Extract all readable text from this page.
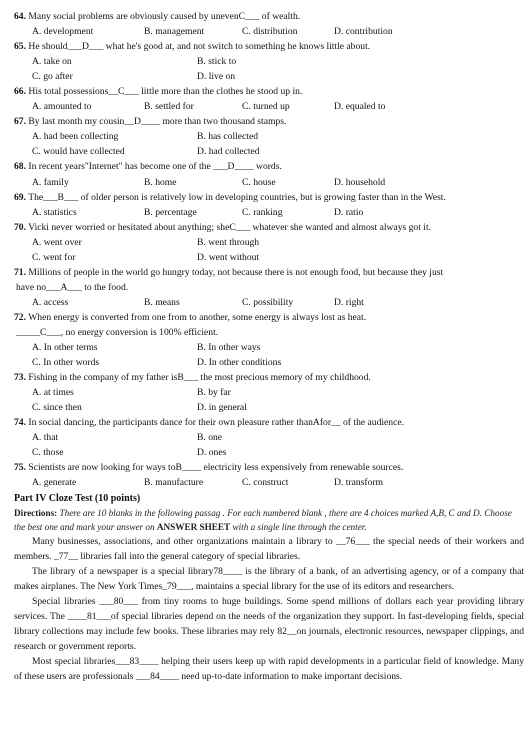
64. Many social problems are obviously caused by unevenC___ of wealth.
A. development	B. management	C. distribution	D. contribution
65. He should___D___ what he's good at, and not switch to something he knows little about.
A. take on	B. stick to
C. go after	D. live on
66. His total possessions__C___ little more than the clothes he stood up in.
A. amounted to	B. settled for	C. turned up	D. equaled to
67. By last month my cousin__D____ more than two thousand stamps.
A. had been collecting	B. has collected
C. would have collected	D. had collected
68. In recent years"Internet" has become one of the ___D____ words.
A. family	B. home	C. house	D. household
69. The___B___ of older person is relatively low in developing countries, but is growing faster than in the West.
A. statistics	B. percentage	C. ranking	D. ratio
70. Vicki never worried or hesitated about anything; sheC___ whatever she wanted and almost always got it.
A. went over	B. went through
C. went for	D. went without
71. Millions of people in the world go hungry today, not because there is not enough food, but because they just
have no___A___ to the food.
A. access	B. means	C. possibility	D. right
72. When energy is converted from one from to another, some energy is always lost as heat.
_____C___, no energy conversion is 100% efficient.
A. In other terms	B. In other ways
C. In other words	D. In other conditions
73. Fishing in the company of my father isB___ the most precious memory of my childhood.
A. at times	B. by far
C. since then	D. in general
74. In social dancing, the participants dance for their own pleasure rather thanAfor__ of the audience.
A. that	B. one
C. those	D. ones
75. Scientists are now looking for ways toB____ electricity less expensively from renewable sources.
A. generate	B. manufacture	C. construct	D. transform
Part IV Cloze Test (10 points)
Directions: There are 10 blanks in the following passag . For each numbered blank , there are 4 choices marked A,B, C and D. Choose the best one and mark your answer on ANSWER SHEET with a single line through the center.
Many businesses, associations, and other organizations maintain a library to __76___ the special needs of their workers and members. _77__ libraries fall into the general category of special libraries.
The library of a newspaper is a special library78____ is the library of a bank, of an advertising agency, or of a company that makes airplanes. The New York Times_79___, maintains a special library for the use of its editors and researchers.
Special libraries ___80___ from tiny rooms to huge buildings. Some spend millions of dollars each year providing library services. The ____81___of special libraries depend on the needs of the organization they support. In fast-developing fields, special library collections may include few books. These libraries may rely 82__on journals, electronic resources, newspaper clippings, and research or government reports.
Most special libraries___83____ helping their users keep up with rapid developments in a particular field of knowledge. Many of these users are professionals ___84____ need up-to-date information to make important decisions.
